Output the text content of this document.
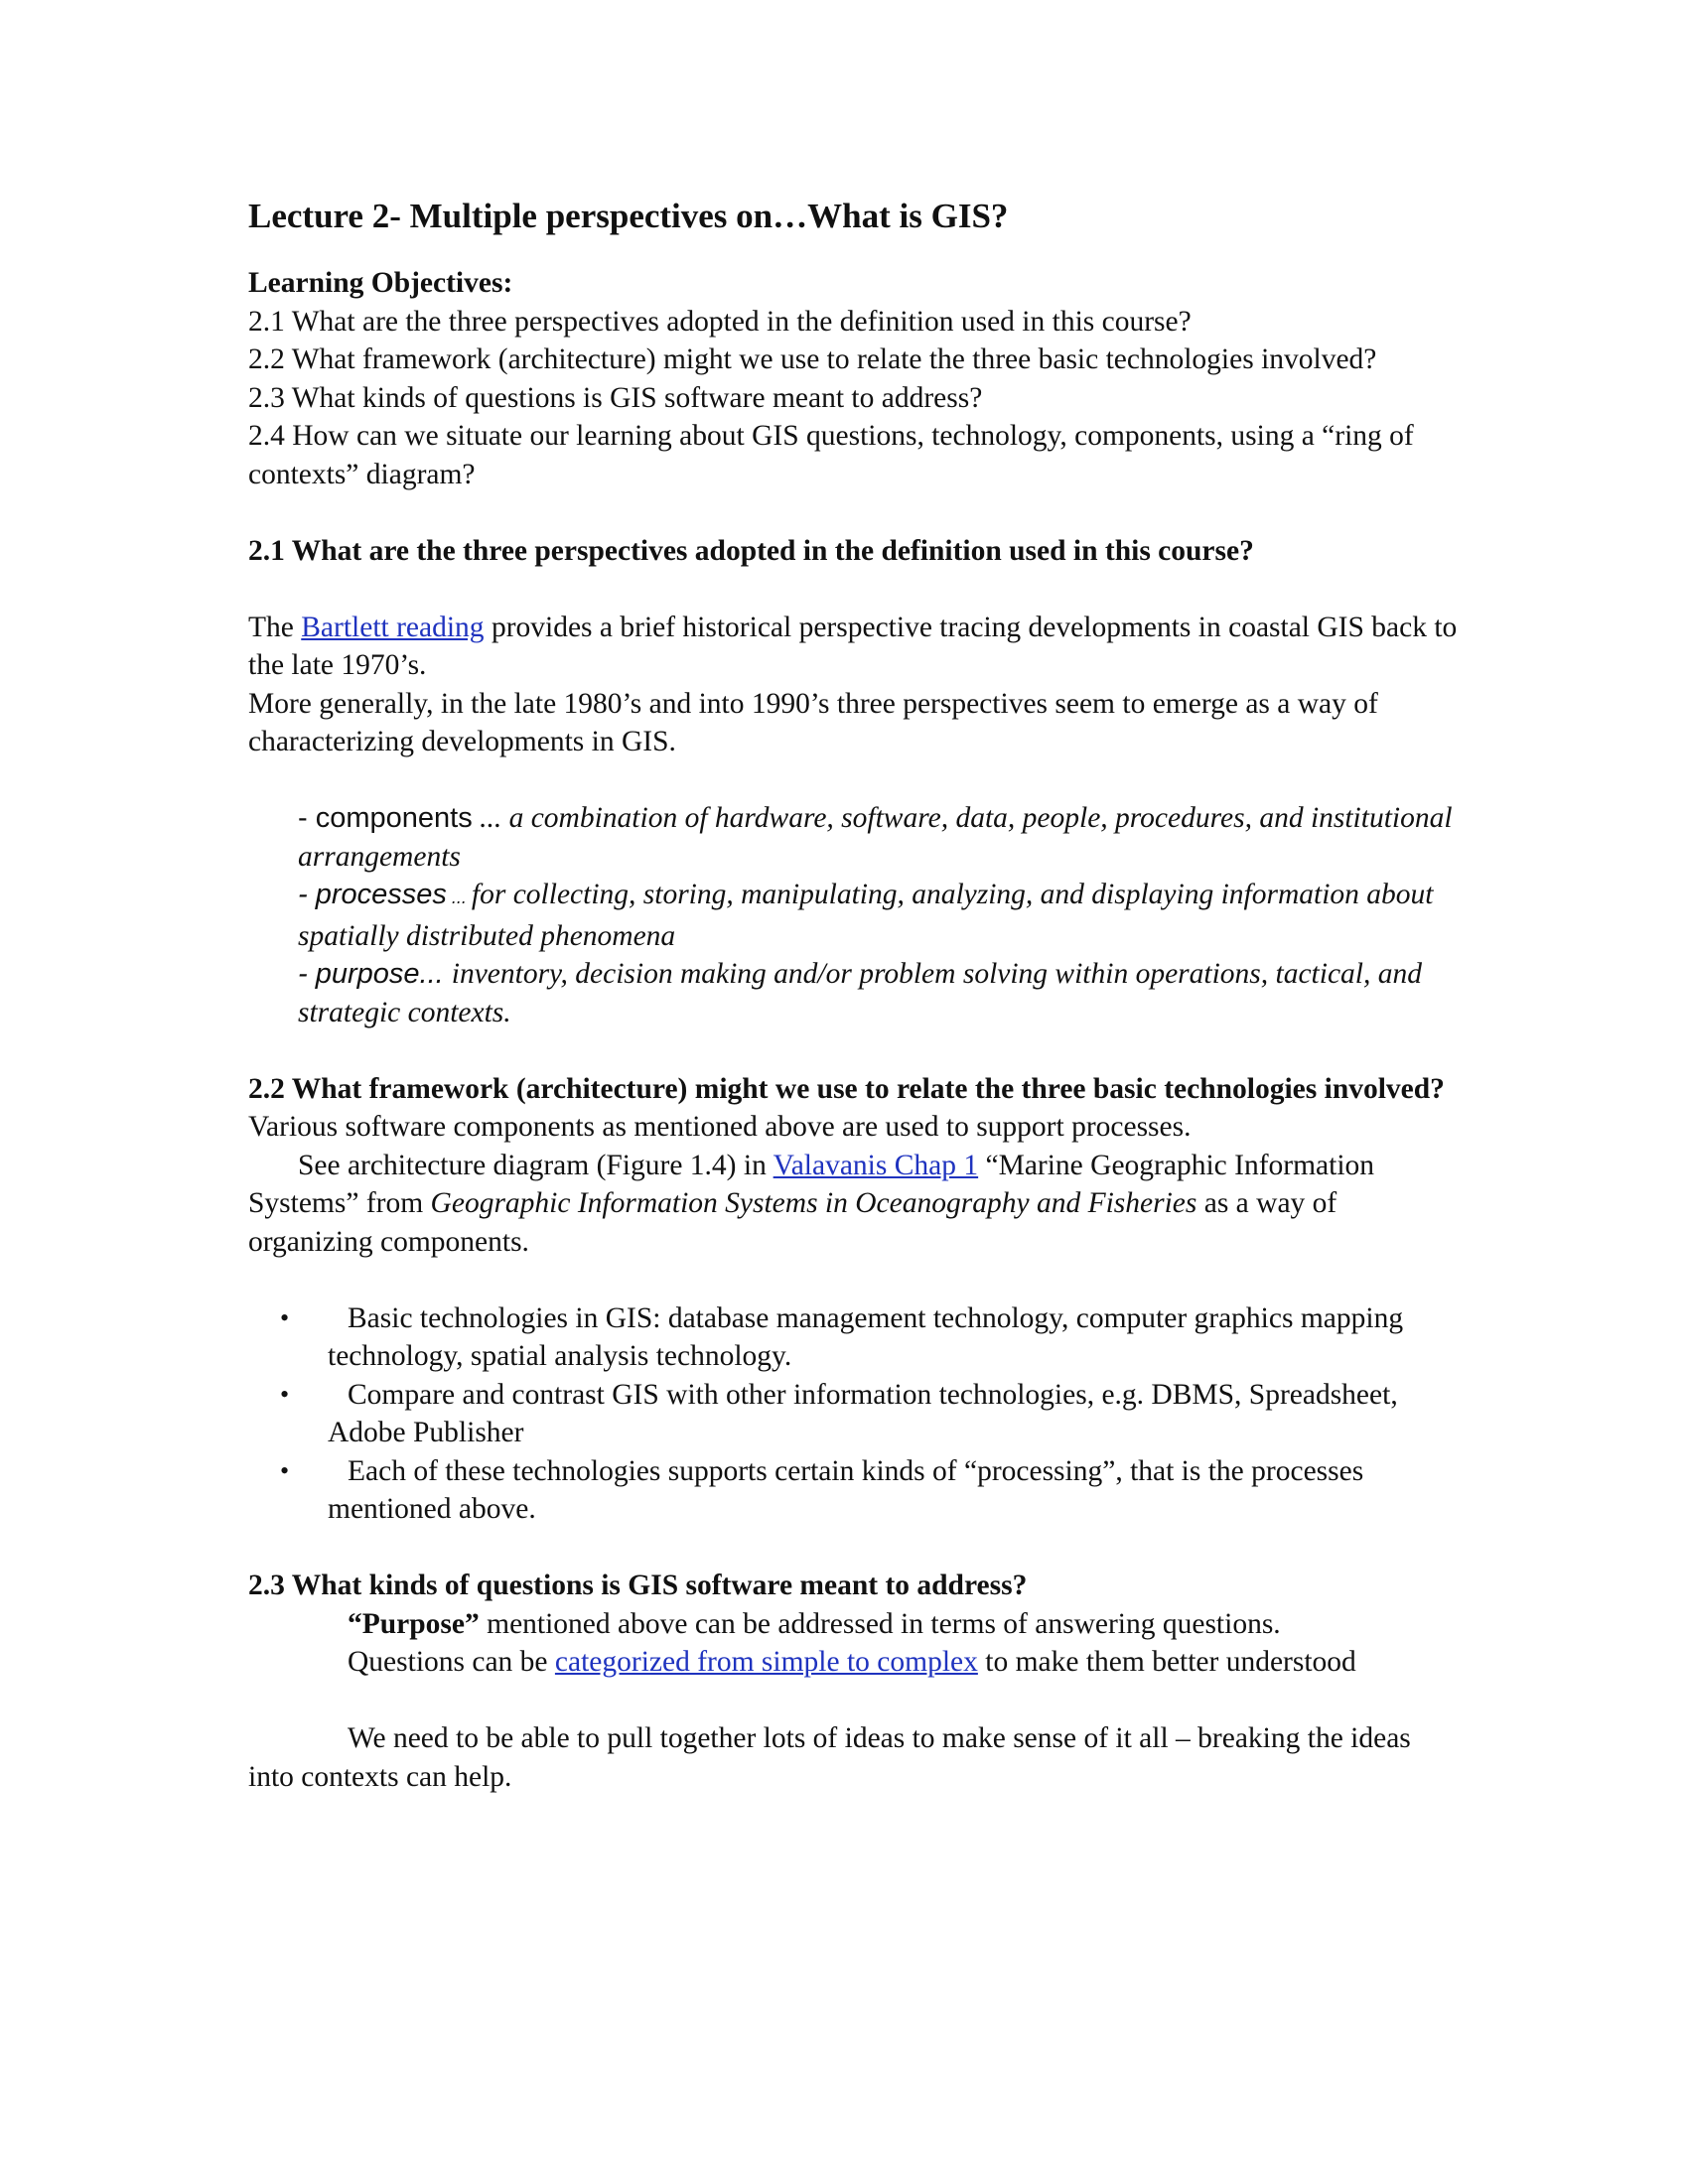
Lecture 2- Multiple perspectives on…What is GIS?

Learning Objectives:

2.1 What are the three perspectives adopted in the definition used in this course?

2.2 What framework (architecture) might we use to relate the three basic technologies involved?

2.3 What kinds of questions is GIS software meant to address?

2.4 How can we situate our learning about GIS questions, technology, components, using a “ring of contexts” diagram?

2.1 What are the three perspectives adopted in the definition used in this course?

The Bartlett reading provides a brief historical perspective tracing developments in coastal GIS back to the late 1970’s.

More generally, in the late 1980’s and into 1990’s three perspectives seem to emerge as a way of characterizing developments in GIS.

- components ... a combination of hardware, software, data, people, procedures, and institutional arrangements

- processes ... for collecting, storing, manipulating, analyzing, and displaying information about spatially distributed phenomena

- purpose... inventory, decision making and/or problem solving within operations, tactical, and strategic contexts.

2.2 What framework (architecture) might we use to relate the three basic technologies involved?

Various software components as mentioned above are used to support processes.

See architecture diagram (Figure 1.4) in Valavanis Chap 1 “Marine Geographic Information Systems” from Geographic Information Systems in Oceanography and Fisheries as a way of organizing components.

•	Basic technologies in GIS: database management technology, computer graphics mapping technology, spatial analysis technology.
•	Compare and contrast GIS with other information technologies, e.g. DBMS, Spreadsheet, Adobe Publisher
•	Each of these technologies supports certain kinds of “processing”, that is the processes mentioned above.

2.3 What kinds of questions is GIS software meant to address?

“Purpose” mentioned above can be addressed in terms of answering questions.

Questions can be categorized from simple to complex to make them better understood

We need to be able to pull together lots of ideas to make sense of it all – breaking the ideas into contexts can help.
